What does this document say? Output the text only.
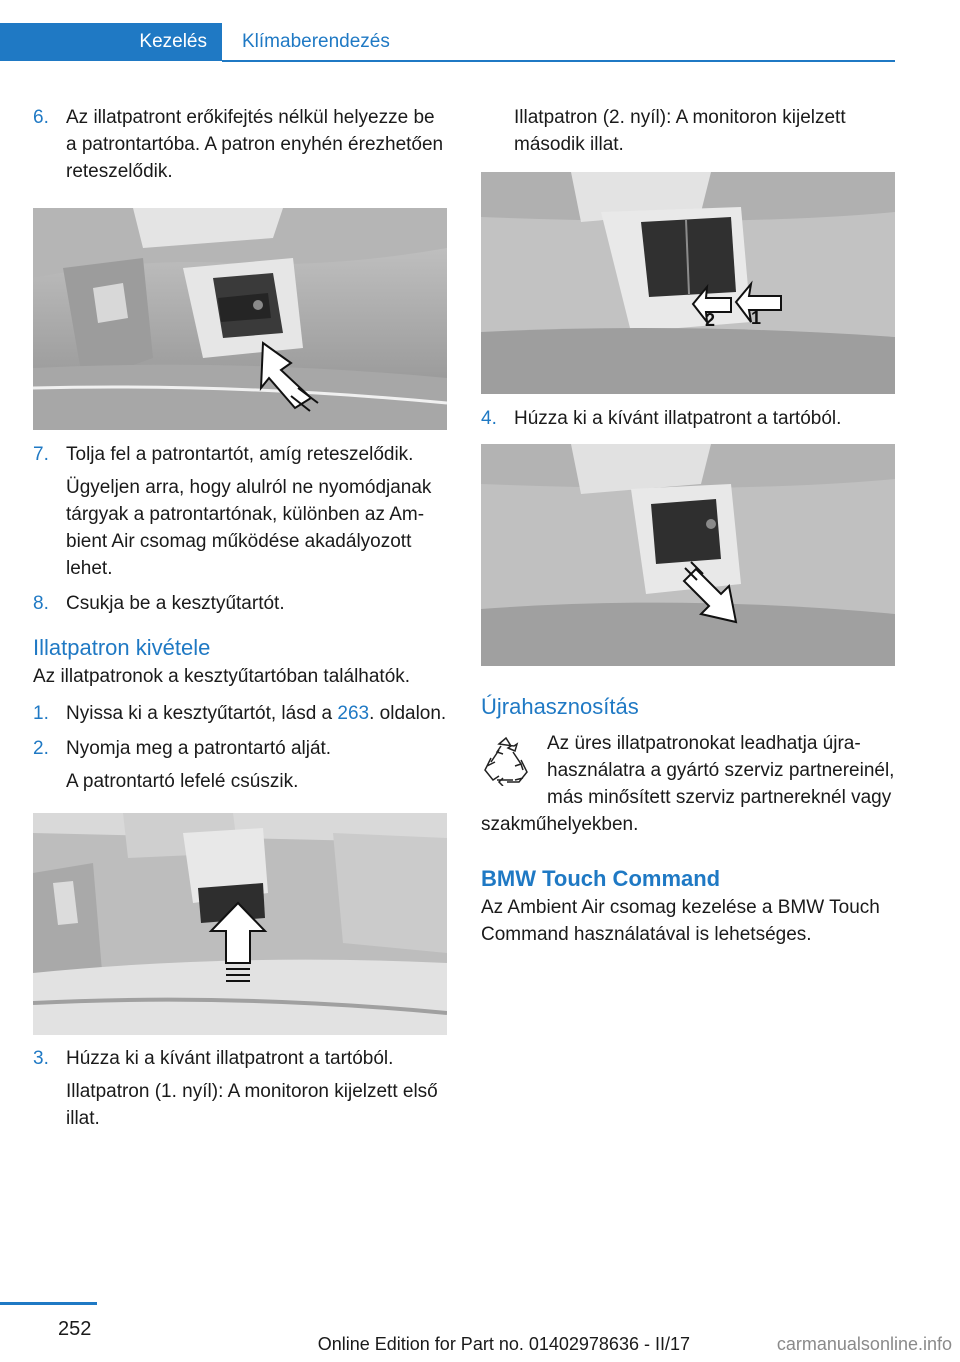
Kezelés	Klímaberendezés
6. Az illatpatront erőkifejtés nélkül helyezze be a patrontartóba. A patron enyhén érezhetően reteszelődik.
7. Tolja fel a patrontartót, amíg reteszelődik.

Ügyeljen arra, hogy alulról ne nyomódjanak tárgyak a patrontartónak, különben az Ambient Air csomag működése akadályozott lehet.

8. Csukja be a kesztyűtartót.

Illatpatron kivétele

Az illatpatronok a kesztyűtartóban találhatók.

1. Nyissa ki a kesztyűtartót, lásd a 263. oldalon.
2. Nyomja meg a patrontartó alját.

A patrontartó lefelé csúszik.

3. Húzza ki a kívánt illatpatront a tartóból.

Illatpatron (1. nyíl): A monitoron kijelzett első illat.

Illatpatron (2. nyíl): A monitoron kijelzett második illat.

1
2
4. Húzza ki a kívánt illatpatront a tartóból.

Újrahasznosítás

Az üres illatpatronokat leadhatja újrahasználatra a gyártó szerviz partnereinél, más minősített szerviz partnereknél vagy szakműhelyekben.

BMW Touch Command

Az Ambient Air csomag kezelése a BMW Touch Command használatával is lehetséges.

252
Online Edition for Part no. 01402978636 - II/17	carmanualsonline.info
